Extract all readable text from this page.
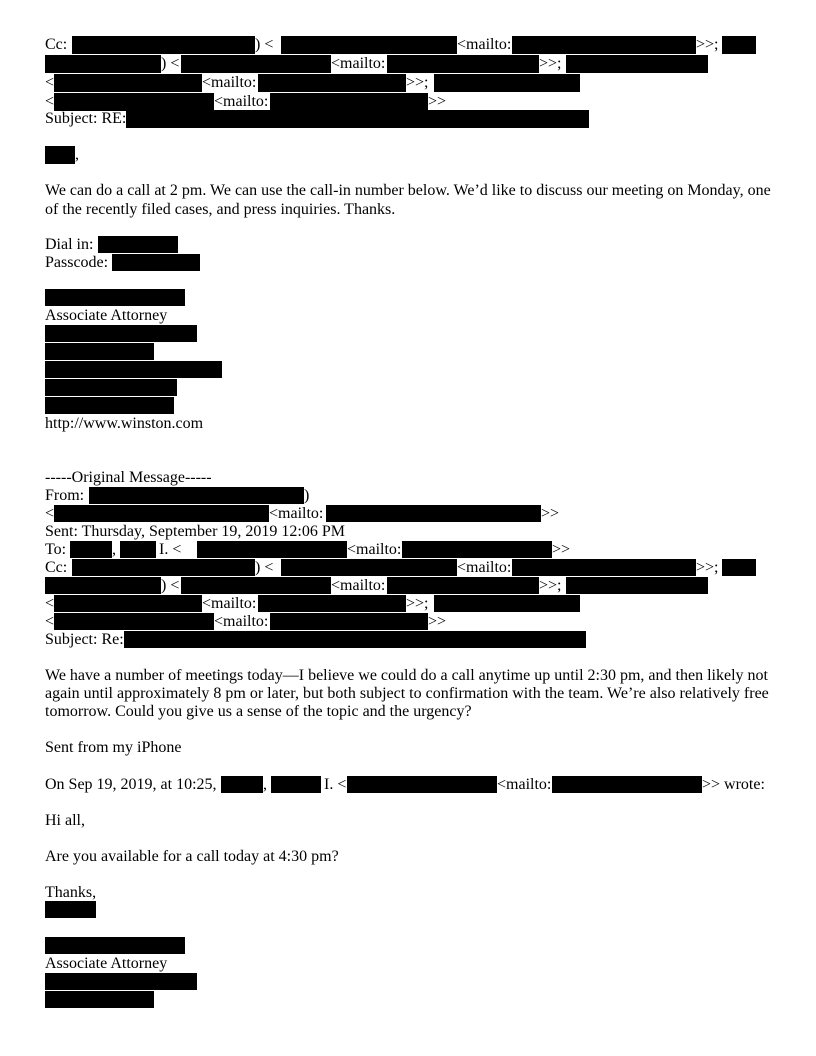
Cc:	) <	<mailto:	>>;

) <	<mailto:	>>;

<	<mailto:	>>;

<	<mailto:	>>

Subject: RE:

,

We can do a call at 2 pm. We can use the call-in number below. We’d like to discuss our meeting on Monday, one

of the recently filed cases, and press inquiries. Thanks.

Dial in:

Passcode:

Associate Attorney

http://www.winston.com

-----Original Message-----

From:	)

<	<mailto:	>>

Sent: Thursday, September 19, 2019 12:06 PM

To:	,	I. <	<mailto:	>>

Cc:	) <	<mailto:	>>;

) <	<mailto:	>>;

<	<mailto:	>>;

<	<mailto:	>>

Subject: Re:

We have a number of meetings today—I believe we could do a call anytime up until 2:30 pm, and then likely not

again until approximately 8 pm or later, but both subject to confirmation with the team. We’re also relatively free

tomorrow. Could you give us a sense of the topic and the urgency?

Sent from my iPhone

On Sep 19, 2019, at 10:25,	,	I. <	<mailto:	>> wrote:

Hi all,

Are you available for a call today at 4:30 pm?

Thanks,

Associate Attorney
